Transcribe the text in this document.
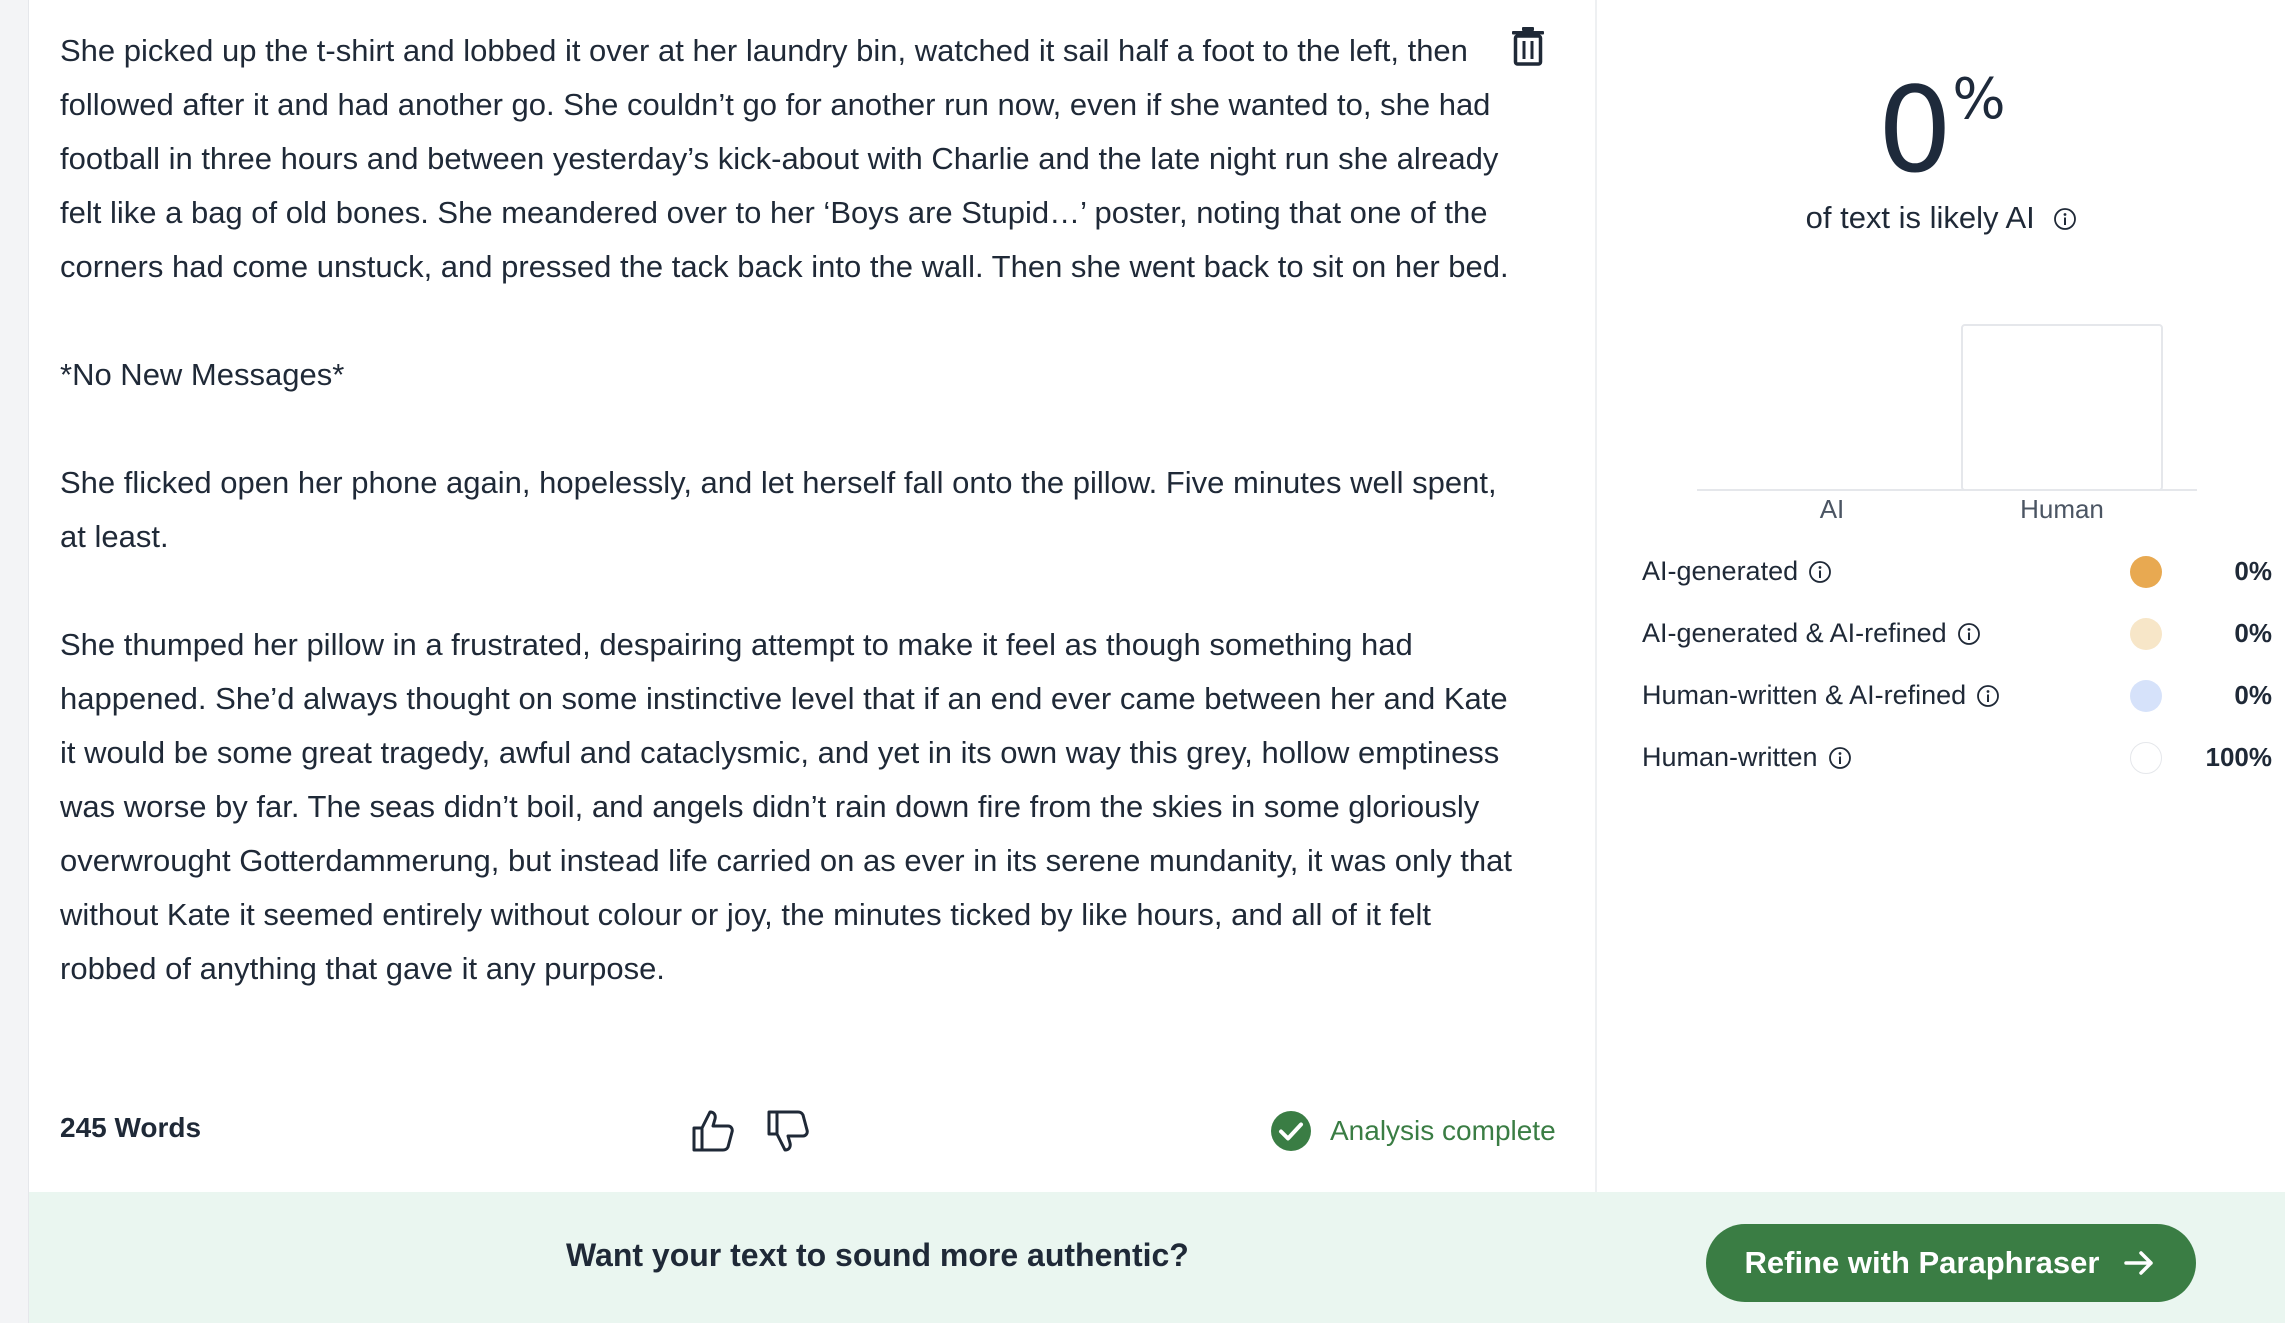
She picked up the t-shirt and lobbed it over at her laundry bin, watched it sail half a foot to the left, then followed after it and had another go. She couldn’t go for another run now, even if she wanted to, she had football in three hours and between yesterday’s kick-about with Charlie and the late night run she already felt like a bag of old bones. She meandered over to her ‘Boys are Stupid…’ poster, noting that one of the corners had come unstuck, and pressed the tack back into the wall. Then she went back to sit on her bed.

*No New Messages*

She flicked open her phone again, hopelessly, and let herself fall onto the pillow. Five minutes well spent, at least.

She thumped her pillow in a frustrated, despairing attempt to make it feel as though something had happened. She’d always thought on some instinctive level that if an end ever came between her and Kate it would be some great tragedy, awful and cataclysmic, and yet in its own way this grey, hollow emptiness was worse by far. The seas didn’t boil, and angels didn’t rain down fire from the skies in some gloriously overwrought Gotterdammerung, but instead life carried on as ever in its serene mundanity, it was only that without Kate it seemed entirely without colour or joy, the minutes ticked by like hours, and all of it felt robbed of anything that gave it any purpose.

245 Words	Analysis complete
0%
of text is likely AI
AI	Human
AI-generated	0%
AI-generated & AI-refined	0%
Human-written & AI-refined	0%
Human-written	100%
Want your text to sound more authentic?	Refine with Paraphraser
